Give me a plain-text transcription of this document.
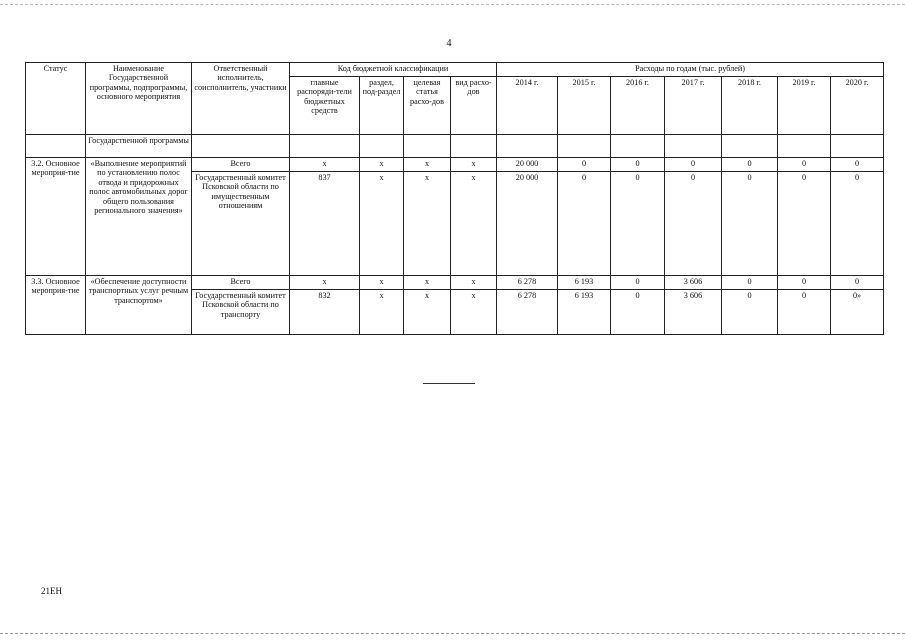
4
Статус	Наименование Государственной программы, подпрограммы, основного мероприятия	Ответственный исполнитель, соисполнитель, участники	Код бюджетной классификации				Расходы по годам (тыс. рублей)						
			главные распоряди-тели бюджетных средств	раздел, под-раздел	целевая статья расхо-дов	вид расхо-дов	2014 г.	2015 г.	2016 г.	2017 г.	2018 г.	2019 г.	2020 г.
	Государственной программы												
3.2. Основное мероприя-тие	«Выполнение мероприятий по установлению полос отвода и придорожных полос автомобильных дорог общего пользования регионального значения»	Всего	x	x	x	x	20 000	0	0	0	0	0	0
		Государственный комитет Псковской области по имущественным отношениям	837	x	x	x	20 000	0	0	0	0	0	0
3.3. Основное мероприя-тие	«Обеспечение доступности транспортных услуг речным транспортом»	Всего	x	x	x	x	6 278	6 193	0	3 606	0	0	0
		Государственный комитет Псковской области по транспорту	832	x	x	x	6 278	6 193	0	3 606	0	0	0»
21ЕН
